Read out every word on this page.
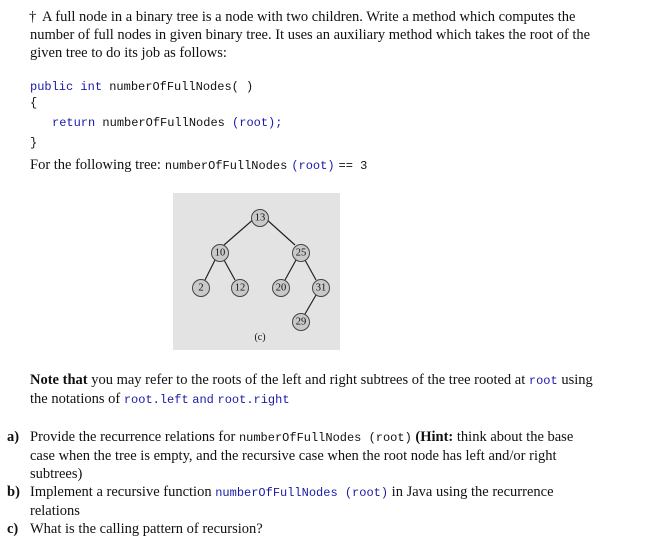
† A full node in a binary tree is a node with two children. Write a method which computes the
number of full nodes in given binary tree. It uses an auxiliary method which takes the root of the
given tree to do its job as follows:
public int numberOfFullNodes( )
{
return numberOfFullNodes (root);
}
For the following tree: numberOfFullNodes (root) == 3
13
10	25
2	12	20	31
29
(c)
Note that you may refer to the roots of the left and right subtrees of the tree rooted at root using
the notations of root.left and root.right
a) Provide the recurrence relations for numberOfFullNodes (root) (Hint: think about the base
case when the tree is empty, and the recursive case when the root node has left and/or right
subtrees)
b) Implement a recursive function numberOfFullNodes (root) in Java using the recurrence
relations
c) What is the calling pattern of recursion?
